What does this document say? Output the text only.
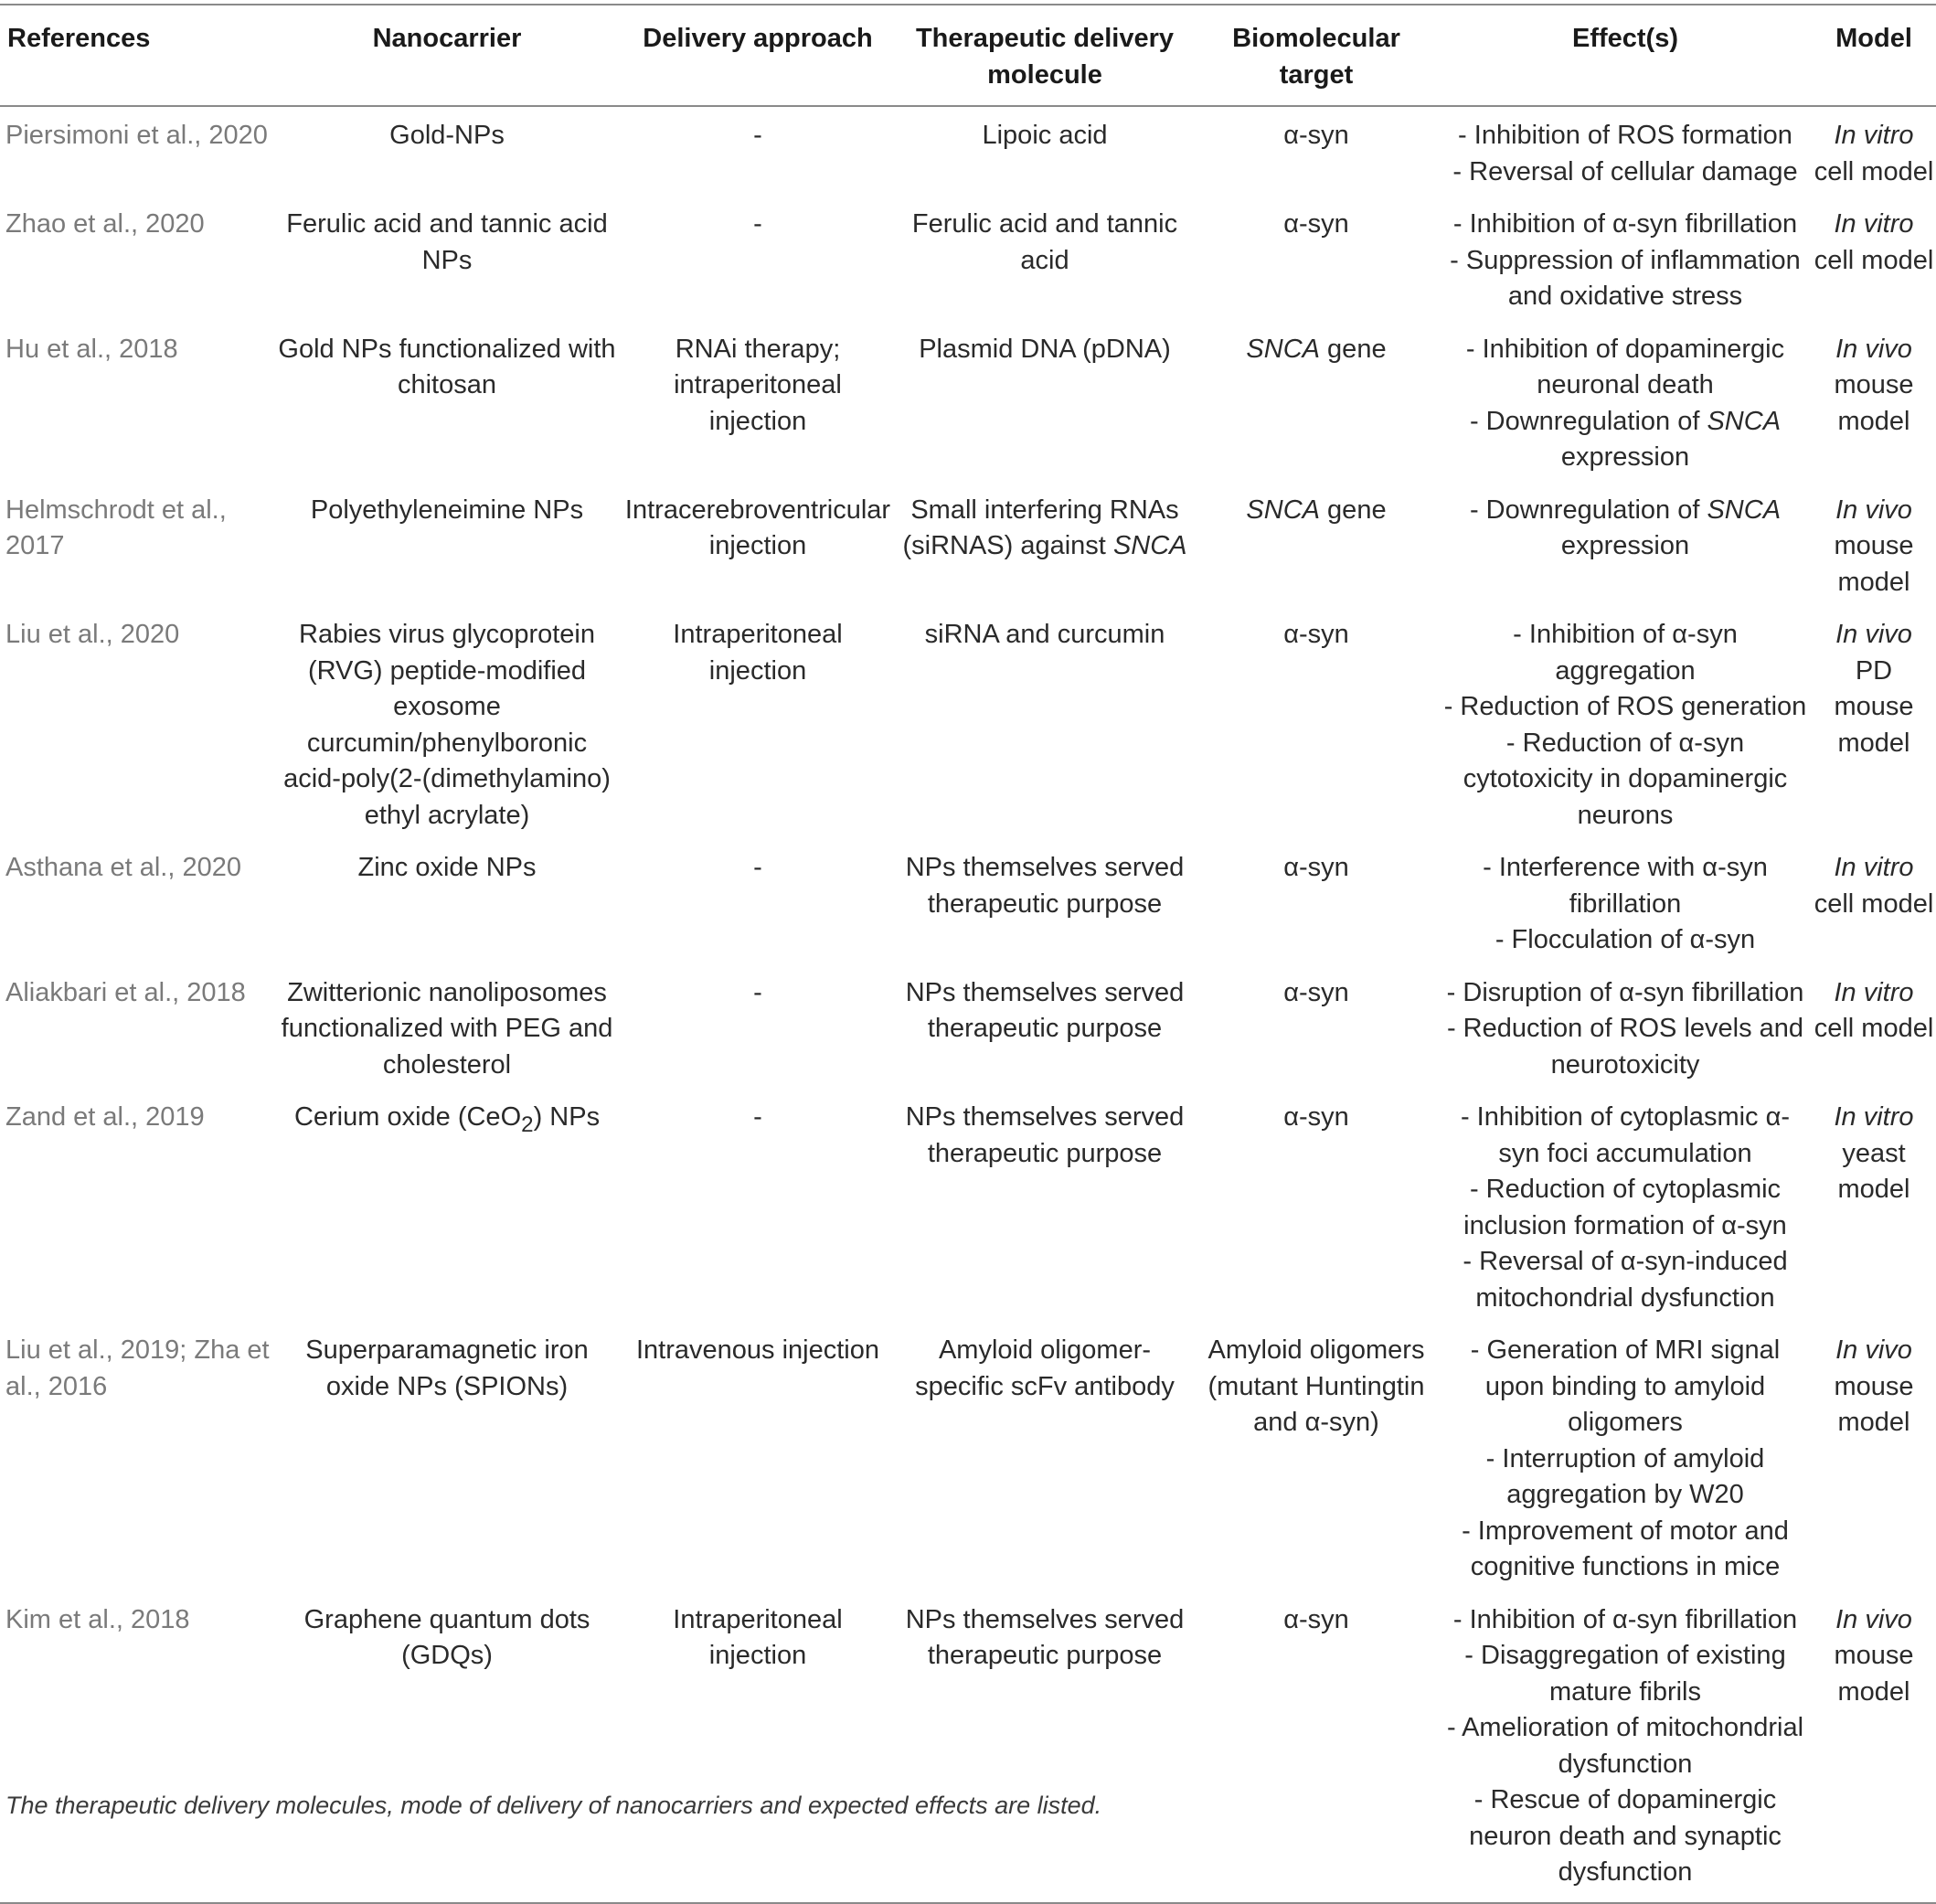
References	Nanocarrier	Delivery approach	Therapeutic delivery molecule	Biomolecular target	Effect(s)	Model
Piersimoni et al., 2020	Gold-NPs	-	Lipoic acid	α-syn	- Inhibition of ROS formation
- Reversal of cellular damage	In vitro cell model
Zhao et al., 2020	Ferulic acid and tannic acid NPs	-	Ferulic acid and tannic acid	α-syn	- Inhibition of α-syn fibrillation
- Suppression of inflammation and oxidative stress	In vitro cell model
Hu et al., 2018	Gold NPs functionalized with chitosan	RNAi therapy; intraperitoneal injection	Plasmid DNA (pDNA)	SNCA gene	- Inhibition of dopaminergic neuronal death
- Downregulation of SNCA expression	In vivo mouse model
Helmschrodt et al., 2017	Polyethyleneimine NPs	Intracerebroventricular injection	Small interfering RNAs (siRNAS) against SNCA	SNCA gene	- Downregulation of SNCA expression	In vivo mouse model
Liu et al., 2020	Rabies virus glycoprotein (RVG) peptide-modified exosome curcumin/phenylboronic acid-poly(2-(dimethylamino) ethyl acrylate)	Intraperitoneal injection	siRNA and curcumin	α-syn	- Inhibition of α-syn aggregation
- Reduction of ROS generation
- Reduction of α-syn cytotoxicity in dopaminergic neurons	In vivo PD mouse model
Asthana et al., 2020	Zinc oxide NPs	-	NPs themselves served therapeutic purpose	α-syn	- Interference with α-syn fibrillation
- Flocculation of α-syn	In vitro cell model
Aliakbari et al., 2018	Zwitterionic nanoliposomes functionalized with PEG and cholesterol	-	NPs themselves served therapeutic purpose	α-syn	- Disruption of α-syn fibrillation
- Reduction of ROS levels and neurotoxicity	In vitro cell model
Zand et al., 2019	Cerium oxide (CeO$_2$) NPs	-	NPs themselves served therapeutic purpose	α-syn	- Inhibition of cytoplasmic α-syn foci accumulation
- Reduction of cytoplasmic inclusion formation of α-syn
- Reversal of α-syn-induced mitochondrial dysfunction	In vitro yeast model
Liu et al., 2019; Zha et al., 2016	Superparamagnetic iron oxide NPs (SPIONs)	Intravenous injection	Amyloid oligomer-specific scFv antibody	Amyloid oligomers (mutant Huntingtin and α-syn)	- Generation of MRI signal upon binding to amyloid oligomers
- Interruption of amyloid aggregation by W20
- Improvement of motor and cognitive functions in mice	In vivo mouse model
Kim et al., 2018	Graphene quantum dots (GDQs)	Intraperitoneal injection	NPs themselves served therapeutic purpose	α-syn	- Inhibition of α-syn fibrillation
- Disaggregation of existing mature fibrils
- Amelioration of mitochondrial dysfunction
- Rescue of dopaminergic neuron death and synaptic dysfunction	In vivo mouse model
The therapeutic delivery molecules, mode of delivery of nanocarriers and expected effects are listed.
